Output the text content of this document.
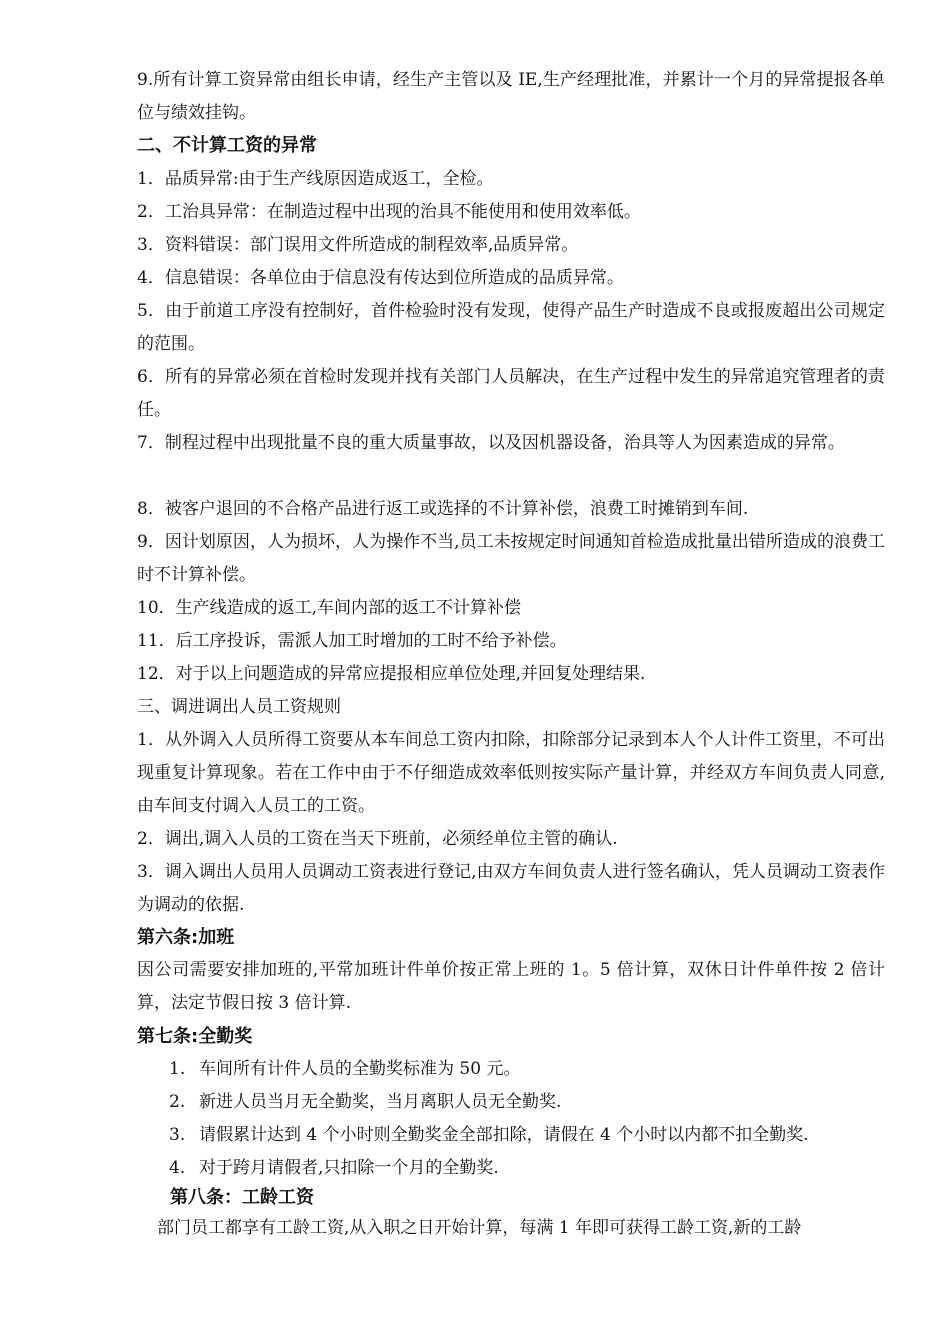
9.所有计算工资异常由组长申请，经生产主管以及 IE,生产经理批准，并累计一个月的异常提报各单位与绩效挂钩。

二、不计算工资的异常

1．品质异常:由于生产线原因造成返工，全检。

2．工治具异常：在制造过程中出现的治具不能使用和使用效率低。

3．资料错误：部门误用文件所造成的制程效率,品质异常。

4．信息错误：各单位由于信息没有传达到位所造成的品质异常。

5．由于前道工序没有控制好，首件检验时没有发现，使得产品生产时造成不良或报废超出公司规定的范围。

6．所有的异常必须在首检时发现并找有关部门人员解决，在生产过程中发生的异常追究管理者的责任。

7．制程过程中出现批量不良的重大质量事故，以及因机器设备，治具等人为因素造成的异常。

8．被客户退回的不合格产品进行返工或选择的不计算补偿，浪费工时摊销到车间.

9．因计划原因，人为损坏，人为操作不当,员工未按规定时间通知首检造成批量出错所造成的浪费工时不计算补偿。

10．生产线造成的返工,车间内部的返工不计算补偿

11．后工序投诉，需派人加工时增加的工时不给予补偿。

12．对于以上问题造成的异常应提报相应单位处理,并回复处理结果.

三、调进调出人员工资规则

1．从外调入人员所得工资要从本车间总工资内扣除，扣除部分记录到本人个人计件工资里，不可出现重复计算现象。若在工作中由于不仔细造成效率低则按实际产量计算，并经双方车间负责人同意,由车间支付调入人员工的工资。

2．调出,调入人员的工资在当天下班前，必须经单位主管的确认.

3．调入调出人员用人员调动工资表进行登记,由双方车间负责人进行签名确认，凭人员调动工资表作为调动的依据.

第六条:加班

因公司需要安排加班的,平常加班计件单价按正常上班的 1。5 倍计算，双休日计件单件按 2 倍计算，法定节假日按 3 倍计算.

第七条:全勤奖

1. 车间所有计件人员的全勤奖标准为 50 元。

2. 新进人员当月无全勤奖，当月离职人员无全勤奖.

3. 请假累计达到 4 个小时则全勤奖金全部扣除，请假在 4 个小时以内都不扣全勤奖.

4. 对于跨月请假者,只扣除一个月的全勤奖.

第八条：工龄工资

部门员工都享有工龄工资,从入职之日开始计算，每满 1 年即可获得工龄工资,新的工龄
